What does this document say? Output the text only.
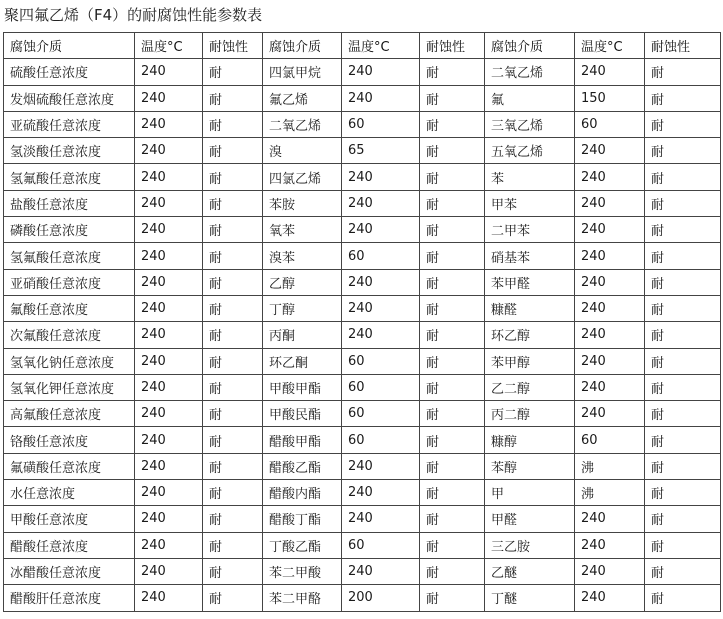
聚四氟乙烯（F4）的耐腐蚀性能参数表
腐蚀介质	温度°C	耐蚀性	腐蚀介质	温度°C	耐蚀性	腐蚀介质	温度°C	耐蚀性
硫酸任意浓度	240	耐	四氯甲烷	240	耐	二氧乙烯	240	耐
发烟硫酸任意浓度	240	耐	氟乙烯	240	耐	氟	150	耐
亚硫酸任意浓度	240	耐	二氧乙烯	60	耐	三氧乙烯	60	耐
氢淡酸任意浓度	240	耐	溴	65	耐	五氧乙烯	240	耐
氢氟酸任意浓度	240	耐	四氯乙烯	240	耐	苯	240	耐
盐酸任意浓度	240	耐	苯胺	240	耐	甲苯	240	耐
磷酸任意浓度	240	耐	氧苯	240	耐	二甲苯	240	耐
氢氟酸任意浓度	240	耐	溴苯	60	耐	硝基苯	240	耐
亚硝酸任意浓度	240	耐	乙醇	240	耐	苯甲醛	240	耐
氟酸任意浓度	240	耐	丁醇	240	耐	糠醛	240	耐
次氟酸任意浓度	240	耐	丙酮	240	耐	环乙醇	240	耐
氢氧化钠任意浓度	240	耐	环乙酮	60	耐	苯甲醇	240	耐
氢氧化钾任意浓度	240	耐	甲酸甲酯	60	耐	乙二醇	240	耐
高氟酸任意浓度	240	耐	甲酸民酯	60	耐	丙二醇	240	耐
铬酸任意浓度	240	耐	醋酸甲酯	60	耐	糠醇	60	耐
氟磺酸任意浓度	240	耐	醋酸乙酯	240	耐	苯醇	沸	耐
水任意浓度	240	耐	醋酸内酯	240	耐	甲	沸	耐
甲酸任意浓度	240	耐	醋酸丁酯	240	耐	甲醛	240	耐
醋酸任意浓度	240	耐	丁酸乙酯	60	耐	三乙胺	240	耐
冰醋酸任意浓度	240	耐	苯二甲酸	240	耐	乙醚	240	耐
醋酸肝任意浓度	240	耐	苯二甲酪	200	耐	丁醚	240	耐
